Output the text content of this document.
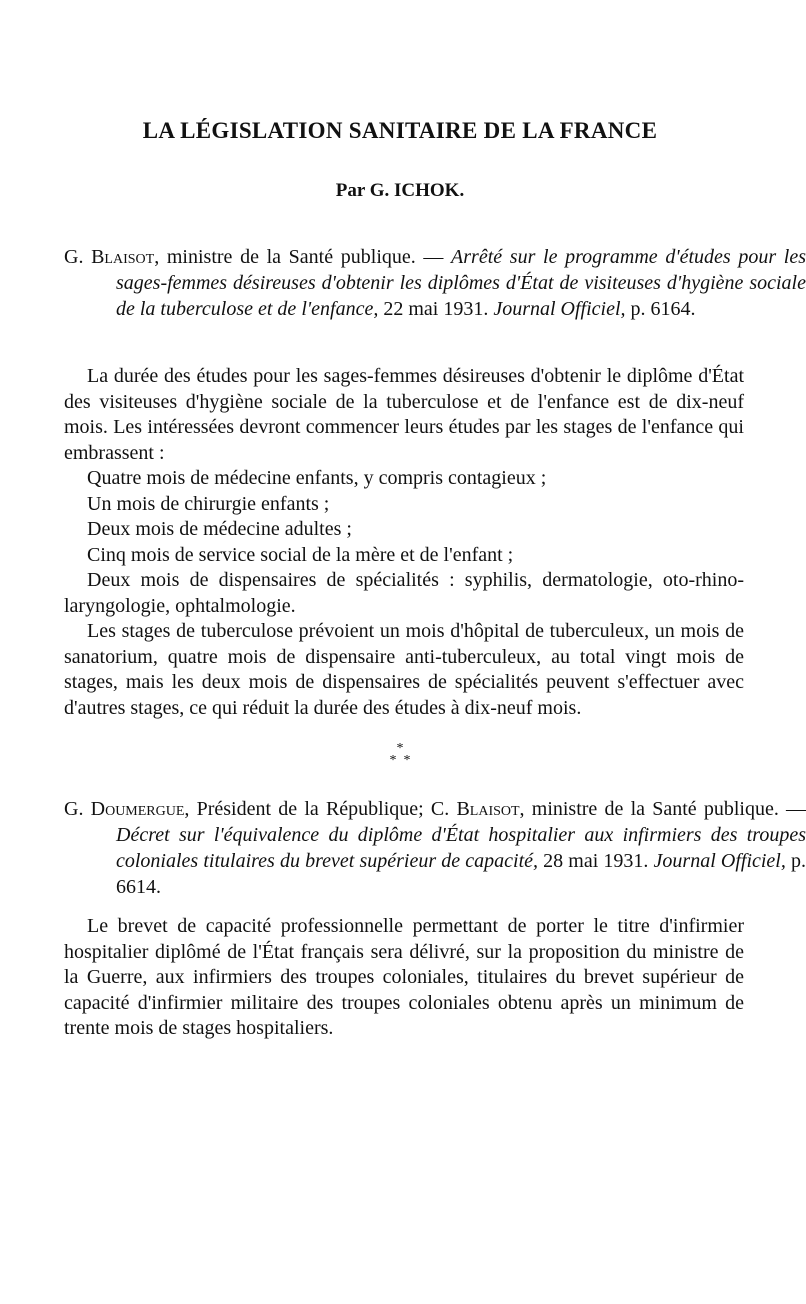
LA LÉGISLATION SANITAIRE DE LA FRANCE

Par G. ICHOK.

G. Blaisot, ministre de la Santé publique. — Arrêté sur le programme d'études pour les sages-femmes désireuses d'obtenir les diplômes d'État de visiteuses d'hygiène sociale de la tuberculose et de l'enfance, 22 mai 1931. Journal Officiel, p. 6164.

La durée des études pour les sages-femmes désireuses d'obtenir le diplôme d'État des visiteuses d'hygiène sociale de la tuberculose et de l'enfance est de dix-neuf mois. Les intéressées devront commencer leurs études par les stages de l'enfance qui embrassent :

Quatre mois de médecine enfants, y compris contagieux ;
Un mois de chirurgie enfants ;
Deux mois de médecine adultes ;
Cinq mois de service social de la mère et de l'enfant ;

Deux mois de dispensaires de spécialités : syphilis, dermatologie, oto-rhino-laryngologie, ophtalmologie.

Les stages de tuberculose prévoient un mois d'hôpital de tuberculeux, un mois de sanatorium, quatre mois de dispensaire anti-tuberculeux, au total vingt mois de stages, mais les deux mois de dispensaires de spécialités peuvent s'effectuer avec d'autres stages, ce qui réduit la durée des études à dix-neuf mois.

*
*  *

G. Doumergue, Président de la République; C. Blaisot, ministre de la Santé publique. — Décret sur l'équivalence du diplôme d'État hospitalier aux infirmiers des troupes coloniales titulaires du brevet supérieur de capacité, 28 mai 1931. Journal Officiel, p. 6614.

Le brevet de capacité professionnelle permettant de porter le titre d'infirmier hospitalier diplômé de l'État français sera délivré, sur la proposition du ministre de la Guerre, aux infirmiers des troupes coloniales, titulaires du brevet supérieur de capacité d'infirmier militaire des troupes coloniales obtenu après un minimum de trente mois de stages hospitaliers.
